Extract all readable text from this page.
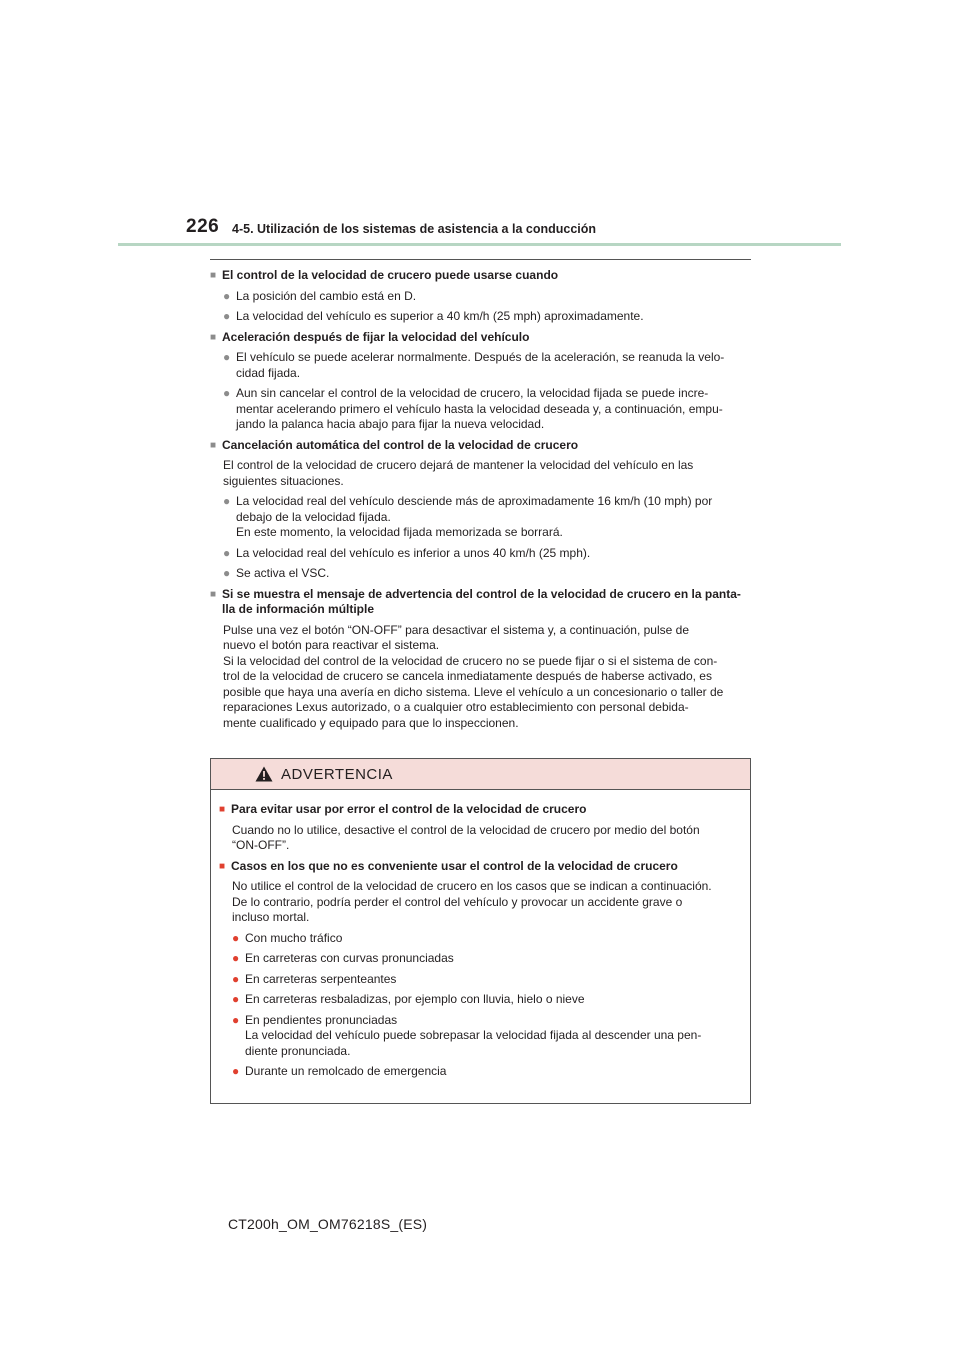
226 4-5. Utilización de los sistemas de asistencia a la conducción
■ El control de la velocidad de crucero puede usarse cuando
● La posición del cambio está en D.
● La velocidad del vehículo es superior a 40 km/h (25 mph) aproximadamente.
■ Aceleración después de fijar la velocidad del vehículo
● El vehículo se puede acelerar normalmente. Después de la aceleración, se reanuda la velo-
cidad fijada.
● Aun sin cancelar el control de la velocidad de crucero, la velocidad fijada se puede incre-
mentar acelerando primero el vehículo hasta la velocidad deseada y, a continuación, empu-
jando la palanca hacia abajo para fijar la nueva velocidad.
■ Cancelación automática del control de la velocidad de crucero
El control de la velocidad de crucero dejará de mantener la velocidad del vehículo en las
siguientes situaciones.
● La velocidad real del vehículo desciende más de aproximadamente 16 km/h (10 mph) por
debajo de la velocidad fijada.
En este momento, la velocidad fijada memorizada se borrará.
● La velocidad real del vehículo es inferior a unos 40 km/h (25 mph).
● Se activa el VSC.
■ Si se muestra el mensaje de advertencia del control de la velocidad de crucero en la panta-
lla de información múltiple
Pulse una vez el botón “ON-OFF” para desactivar el sistema y, a continuación, pulse de
nuevo el botón para reactivar el sistema.
Si la velocidad del control de la velocidad de crucero no se puede fijar o si el sistema de con-
trol de la velocidad de crucero se cancela inmediatamente después de haberse activado, es
posible que haya una avería en dicho sistema. Lleve el vehículo a un concesionario o taller de
reparaciones Lexus autorizado, o a cualquier otro establecimiento con personal debida-
mente cualificado y equipado para que lo inspeccionen.
ADVERTENCIA
■ Para evitar usar por error el control de la velocidad de crucero
Cuando no lo utilice, desactive el control de la velocidad de crucero por medio del botón
“ON-OFF”.
■ Casos en los que no es conveniente usar el control de la velocidad de crucero
No utilice el control de la velocidad de crucero en los casos que se indican a continuación.
De lo contrario, podría perder el control del vehículo y provocar un accidente grave o
incluso mortal.
● Con mucho tráfico
● En carreteras con curvas pronunciadas
● En carreteras serpenteantes
● En carreteras resbaladizas, por ejemplo con lluvia, hielo o nieve
● En pendientes pronunciadas
La velocidad del vehículo puede sobrepasar la velocidad fijada al descender una pen-
diente pronunciada.
● Durante un remolcado de emergencia
CT200h_OM_OM76218S_(ES)
